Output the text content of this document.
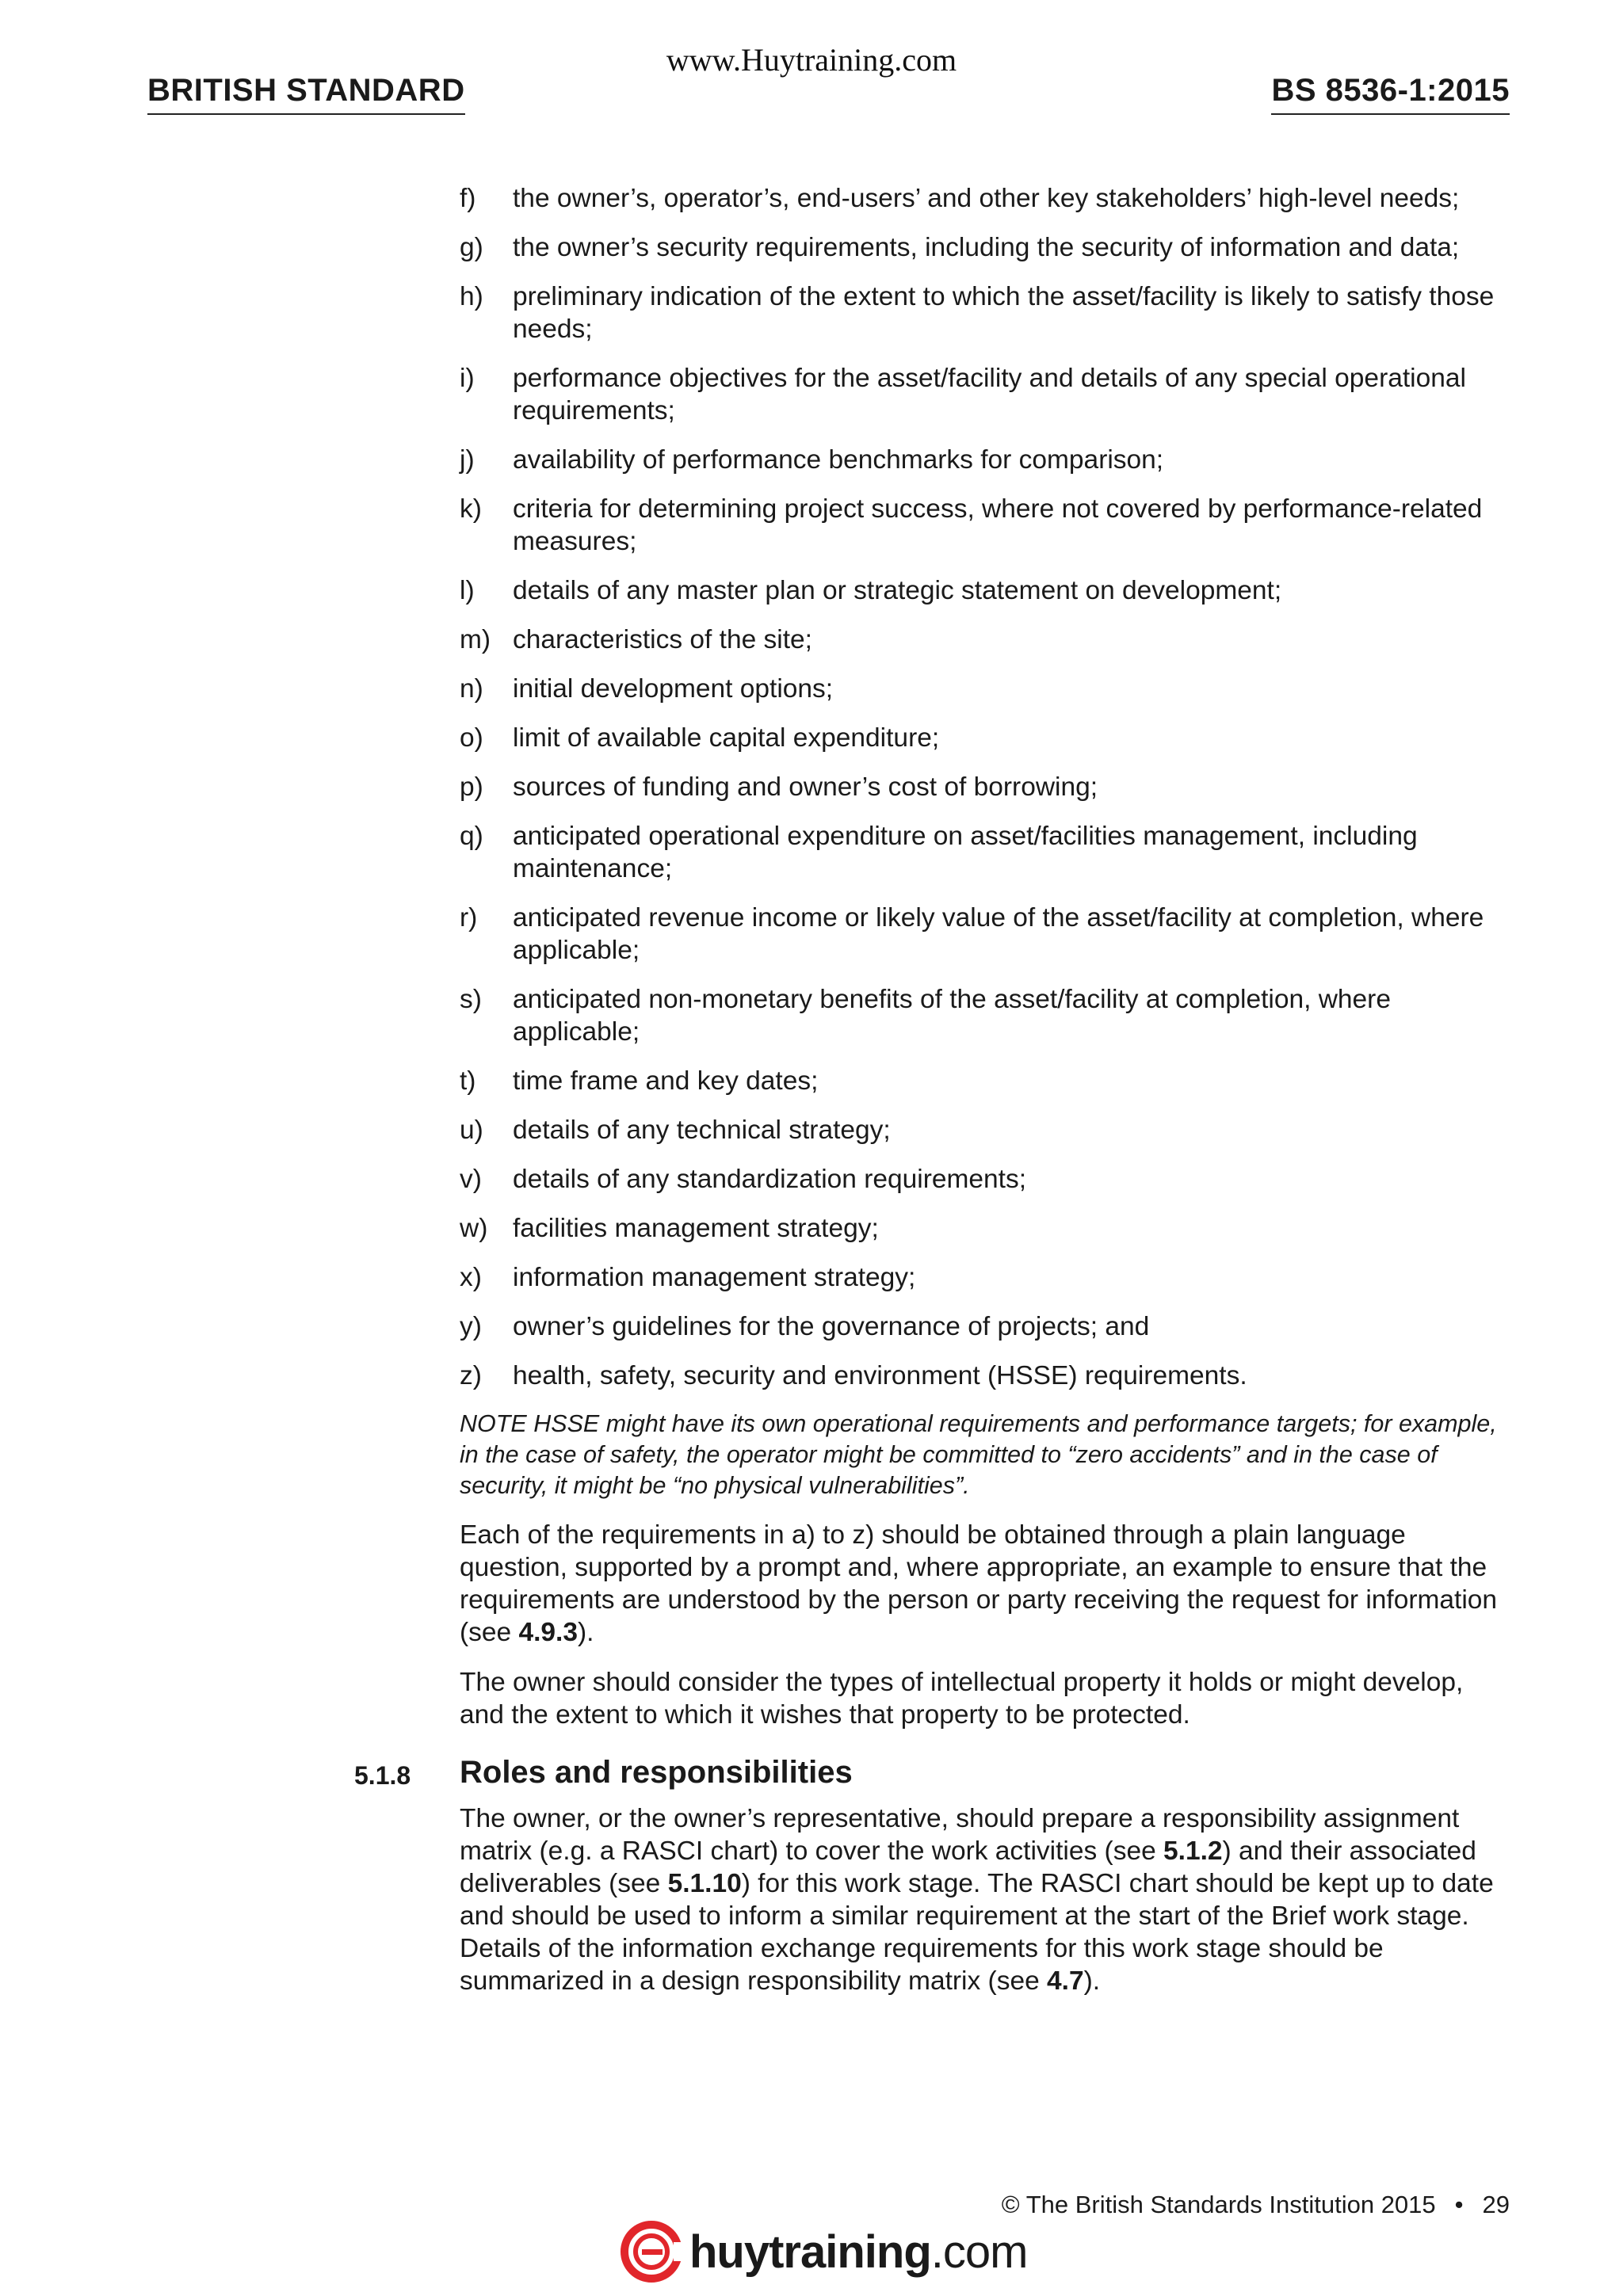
www.Huytraining.com
BRITISH STANDARD	BS 8536-1:2015
f) the owner’s, operator’s, end-users’ and other key stakeholders’ high-level needs;
g) the owner’s security requirements, including the security of information and data;
h) preliminary indication of the extent to which the asset/facility is likely to satisfy those needs;
i) performance objectives for the asset/facility and details of any special operational requirements;
j) availability of performance benchmarks for comparison;
k) criteria for determining project success, where not covered by performance-related measures;
l) details of any master plan or strategic statement on development;
m) characteristics of the site;
n) initial development options;
o) limit of available capital expenditure;
p) sources of funding and owner’s cost of borrowing;
q) anticipated operational expenditure on asset/facilities management, including maintenance;
r) anticipated revenue income or likely value of the asset/facility at completion, where applicable;
s) anticipated non-monetary benefits of the asset/facility at completion, where applicable;
t) time frame and key dates;
u) details of any technical strategy;
v) details of any standardization requirements;
w) facilities management strategy;
x) information management strategy;
y) owner’s guidelines for the governance of projects; and
z) health, safety, security and environment (HSSE) requirements.

NOTE HSSE might have its own operational requirements and performance targets; for example, in the case of safety, the operator might be committed to “zero accidents” and in the case of security, it might be “no physical vulnerabilities”.

Each of the requirements in a) to z) should be obtained through a plain language question, supported by a prompt and, where appropriate, an example to ensure that the requirements are understood by the person or party receiving the request for information (see 4.9.3).

The owner should consider the types of intellectual property it holds or might develop, and the extent to which it wishes that property to be protected.

5.1.8 Roles and responsibilities

The owner, or the owner’s representative, should prepare a responsibility assignment matrix (e.g. a RASCI chart) to cover the work activities (see 5.1.2) and their associated deliverables (see 5.1.10) for this work stage. The RASCI chart should be kept up to date and should be used to inform a similar requirement at the start of the Brief work stage. Details of the information exchange requirements for this work stage should be summarized in a design responsibility matrix (see 4.7).

© The British Standards Institution 2015 • 29
huytraining.com
